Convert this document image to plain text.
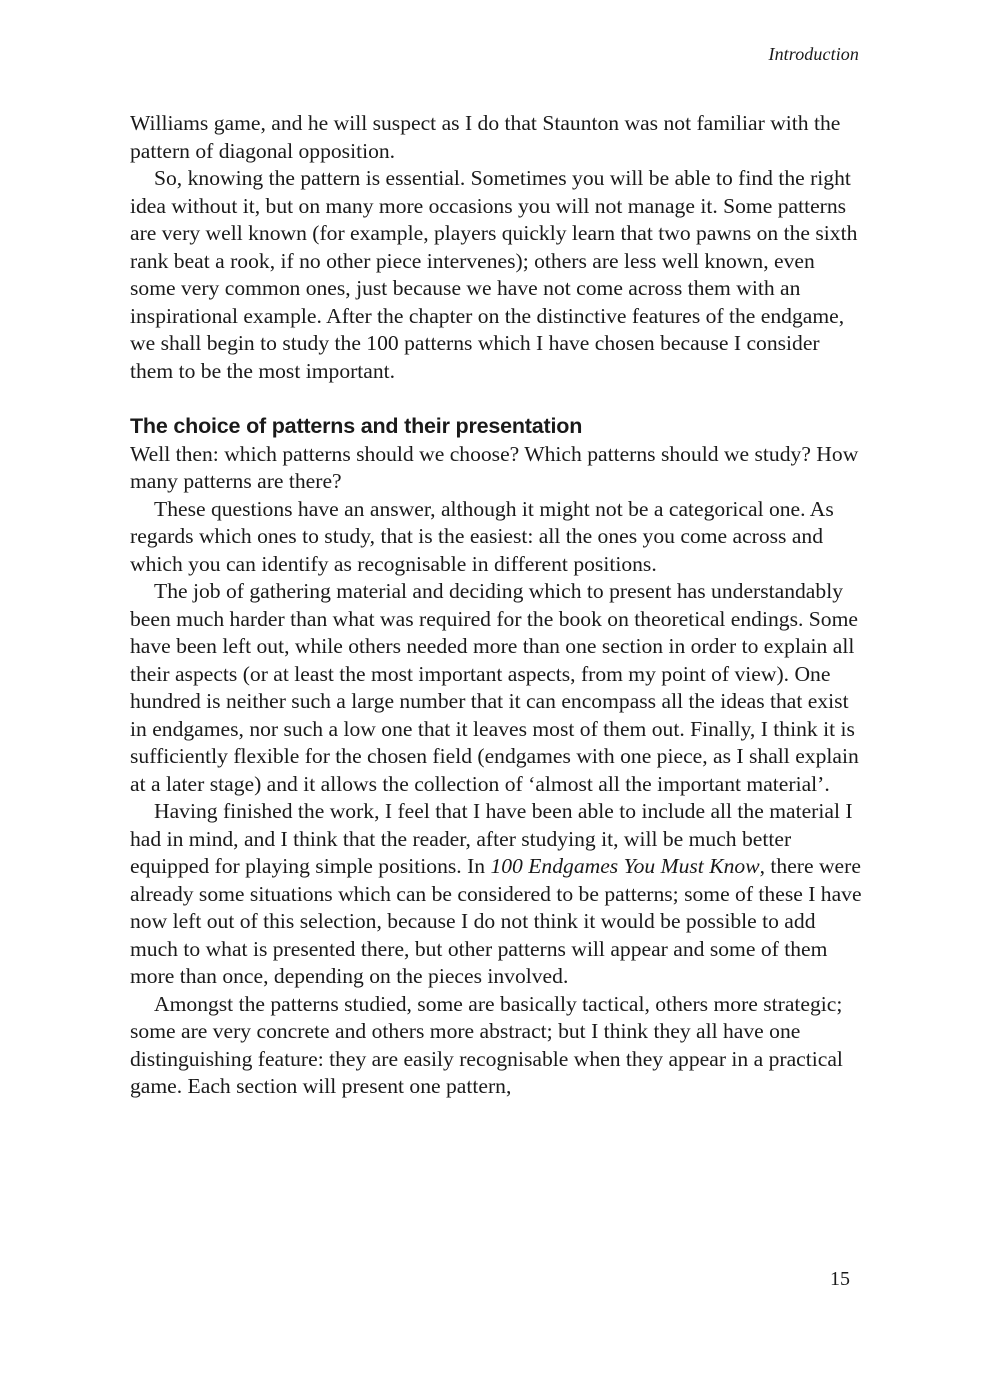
Introduction

Williams game, and he will suspect as I do that Staunton was not familiar with the pattern of diagonal opposition.

So, knowing the pattern is essential. Sometimes you will be able to find the right idea without it, but on many more occasions you will not manage it. Some patterns are very well known (for example, players quickly learn that two pawns on the sixth rank beat a rook, if no other piece intervenes); others are less well known, even some very common ones, just because we have not come across them with an inspirational example. After the chapter on the distinctive features of the endgame, we shall begin to study the 100 patterns which I have chosen because I consider them to be the most important.

The choice of patterns and their presentation

Well then: which patterns should we choose? Which patterns should we study? How many patterns are there?

These questions have an answer, although it might not be a categorical one. As regards which ones to study, that is the easiest: all the ones you come across and which you can identify as recognisable in different positions.

The job of gathering material and deciding which to present has understandably been much harder than what was required for the book on theoretical endings. Some have been left out, while others needed more than one section in order to explain all their aspects (or at least the most important aspects, from my point of view). One hundred is neither such a large number that it can encompass all the ideas that exist in endgames, nor such a low one that it leaves most of them out. Finally, I think it is sufficiently flexible for the chosen field (endgames with one piece, as I shall explain at a later stage) and it allows the collection of ‘almost all the important material’.

Having finished the work, I feel that I have been able to include all the material I had in mind, and I think that the reader, after studying it, will be much better equipped for playing simple positions. In 100 Endgames You Must Know, there were already some situations which can be considered to be patterns; some of these I have now left out of this selection, because I do not think it would be possible to add much to what is presented there, but other patterns will appear and some of them more than once, depending on the pieces involved.

Amongst the patterns studied, some are basically tactical, others more strategic; some are very concrete and others more abstract; but I think they all have one distinguishing feature: they are easily recognisable when they appear in a practical game. Each section will present one pattern,

15
